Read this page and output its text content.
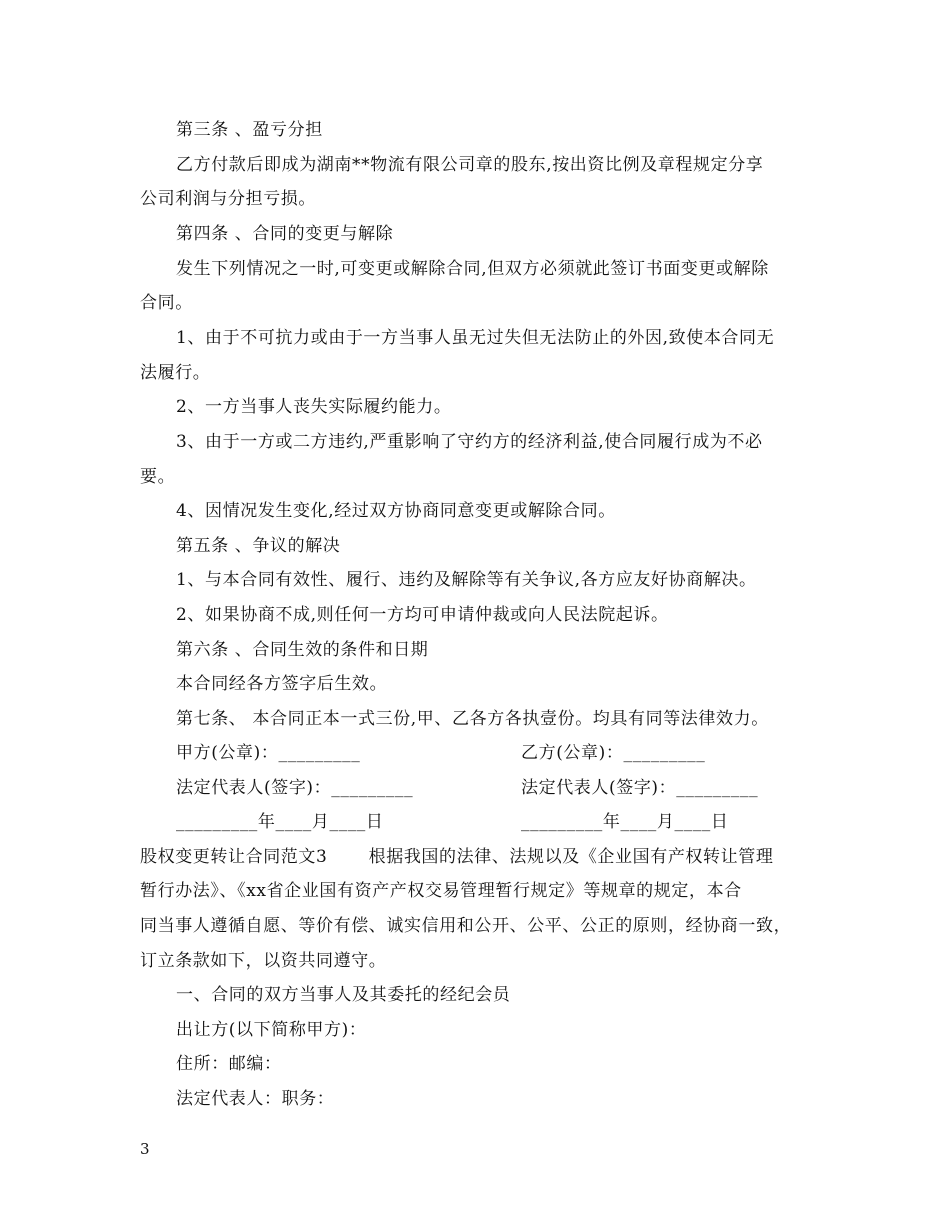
第三条 、盈亏分担
乙方付款后即成为湖南**物流有限公司章的股东,按出资比例及章程规定分享
公司利润与分担亏损。
第四条 、合同的变更与解除
发生下列情况之一时,可变更或解除合同,但双方必须就此签订书面变更或解除
合同。
1、由于不可抗力或由于一方当事人虽无过失但无法防止的外因,致使本合同无
法履行。
2、一方当事人丧失实际履约能力。
3、由于一方或二方违约,严重影响了守约方的经济利益,使合同履行成为不必
要。
4、因情况发生变化,经过双方协商同意变更或解除合同。
第五条 、争议的解决
1、与本合同有效性、履行、违约及解除等有关争议,各方应友好协商解决。
2、如果协商不成,则任何一方均可申请仲裁或向人民法院起诉。
第六条 、合同生效的条件和日期
本合同经各方签字后生效。
第七条、 本合同正本一式三份,甲、乙各方各执壹份。均具有同等法律效力。
甲方(公章)：_________	乙方(公章)：_________
法定代表人(签字)：_________	法定代表人(签字)：_________
_________年____月____日	_________年____月____日
股权变更转让合同范文3 　　根据我国的法律、法规以及《企业国有产权转让管理
暂行办法》、《xx省企业国有资产产权交易管理暂行规定》等规章的规定，本合
同当事人遵循自愿、等价有偿、诚实信用和公开、公平、公正的原则，经协商一致，
订立条款如下，以资共同遵守。
一、合同的双方当事人及其委托的经纪会员
出让方(以下简称甲方)：
住所：邮编：
法定代表人：职务：
3
